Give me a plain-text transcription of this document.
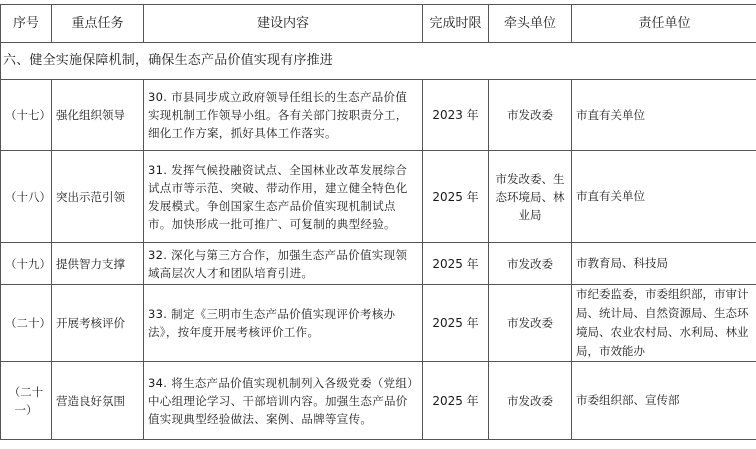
序号	重点任务	建设内容	完成时限	牵头单位	责任单位
六、健全实施保障机制，确保生态产品价值实现有序推进					
（十七）	强化组织领导	30. 市县同步成立政府领导任组长的生态产品价值实现机制工作领导小组。各有关部门按职责分工，细化工作方案，抓好具体工作落实。	2023 年	市发改委	市直有关单位
（十八）	突出示范引领	31. 发挥气候投融资试点、全国林业改革发展综合试点市等示范、突破、带动作用，建立健全特色化发展模式。争创国家生态产品价值实现机制试点市。加快形成一批可推广、可复制的典型经验。	2025 年	市发改委、生态环境局、林业局	市直有关单位
（十九）	提供智力支撑	32. 深化与第三方合作，加强生态产品价值实现领域高层次人才和团队培育引进。	2025 年	市发改委	市教育局、科技局
（二十）	开展考核评价	33. 制定《三明市生态产品价值实现评价考核办法》，按年度开展考核评价工作。	2025 年	市发改委	市纪委监委，市委组织部，市审计局、统计局、自然资源局、生态环境局、农业农村局、水利局、林业局，市效能办
（二十一）	营造良好氛围	34. 将生态产品价值实现机制列入各级党委（党组）中心组理论学习、干部培训内容。加强生态产品价值实现典型经验做法、案例、品牌等宣传。	2025 年	市发改委	市委组织部、宣传部
